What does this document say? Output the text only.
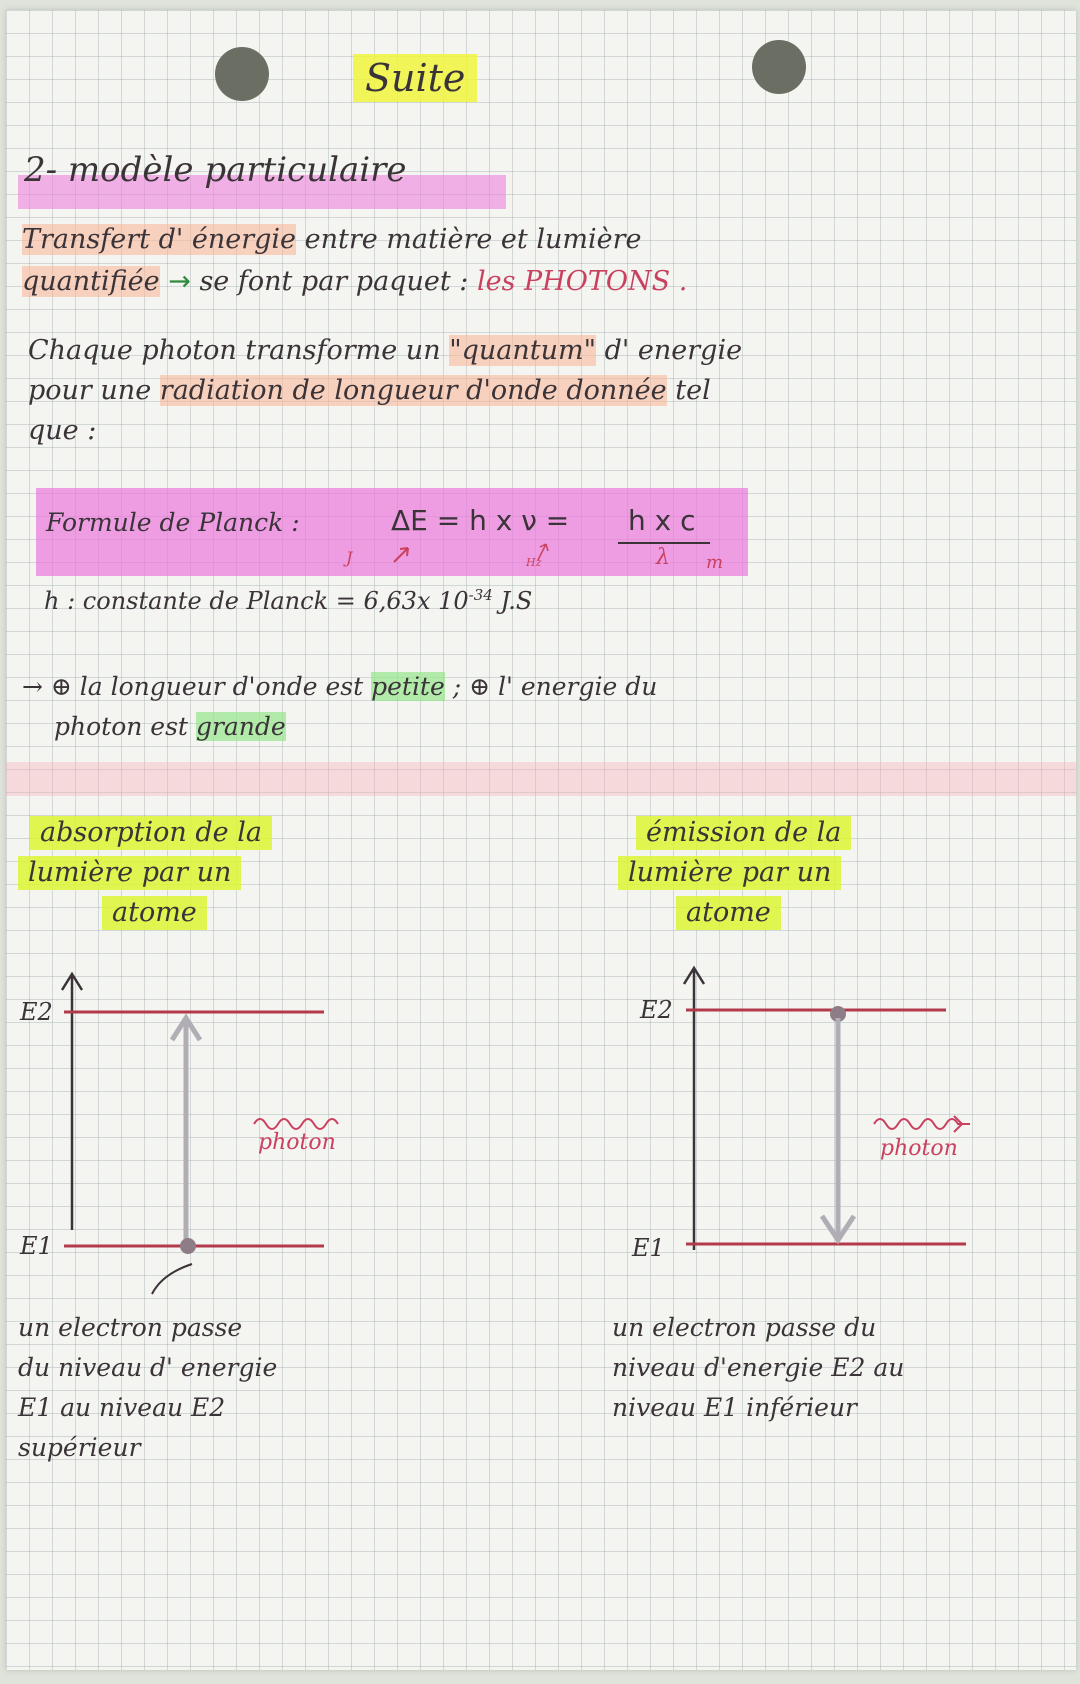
Suite
2- modèle particulaire
Transfert d' énergie entre matière et lumière
quantifiée → se font par paquet : les PHOTONS .
Chaque photon transforme un "quantum" d' energie
pour une radiation de longueur d'onde donnée tel
que :
Formule de Planck :	ΔE = h x ν = h x c
λ m
J	Hz
h : constante de Planck = 6,63x $10^{-34}$ J.S
→ ⊕ la longueur d'onde est petite ; ⊕ l' energie du
photon est grande
absorption de la
lumière par un
atome
émission de la
lumière par un
atome
E2
E1
photon
E2
E1
photon
un electron passe
du niveau d' energie
E1 au niveau E2
supérieur
un electron passe du
niveau d'energie E2 au
niveau E1 inférieur
